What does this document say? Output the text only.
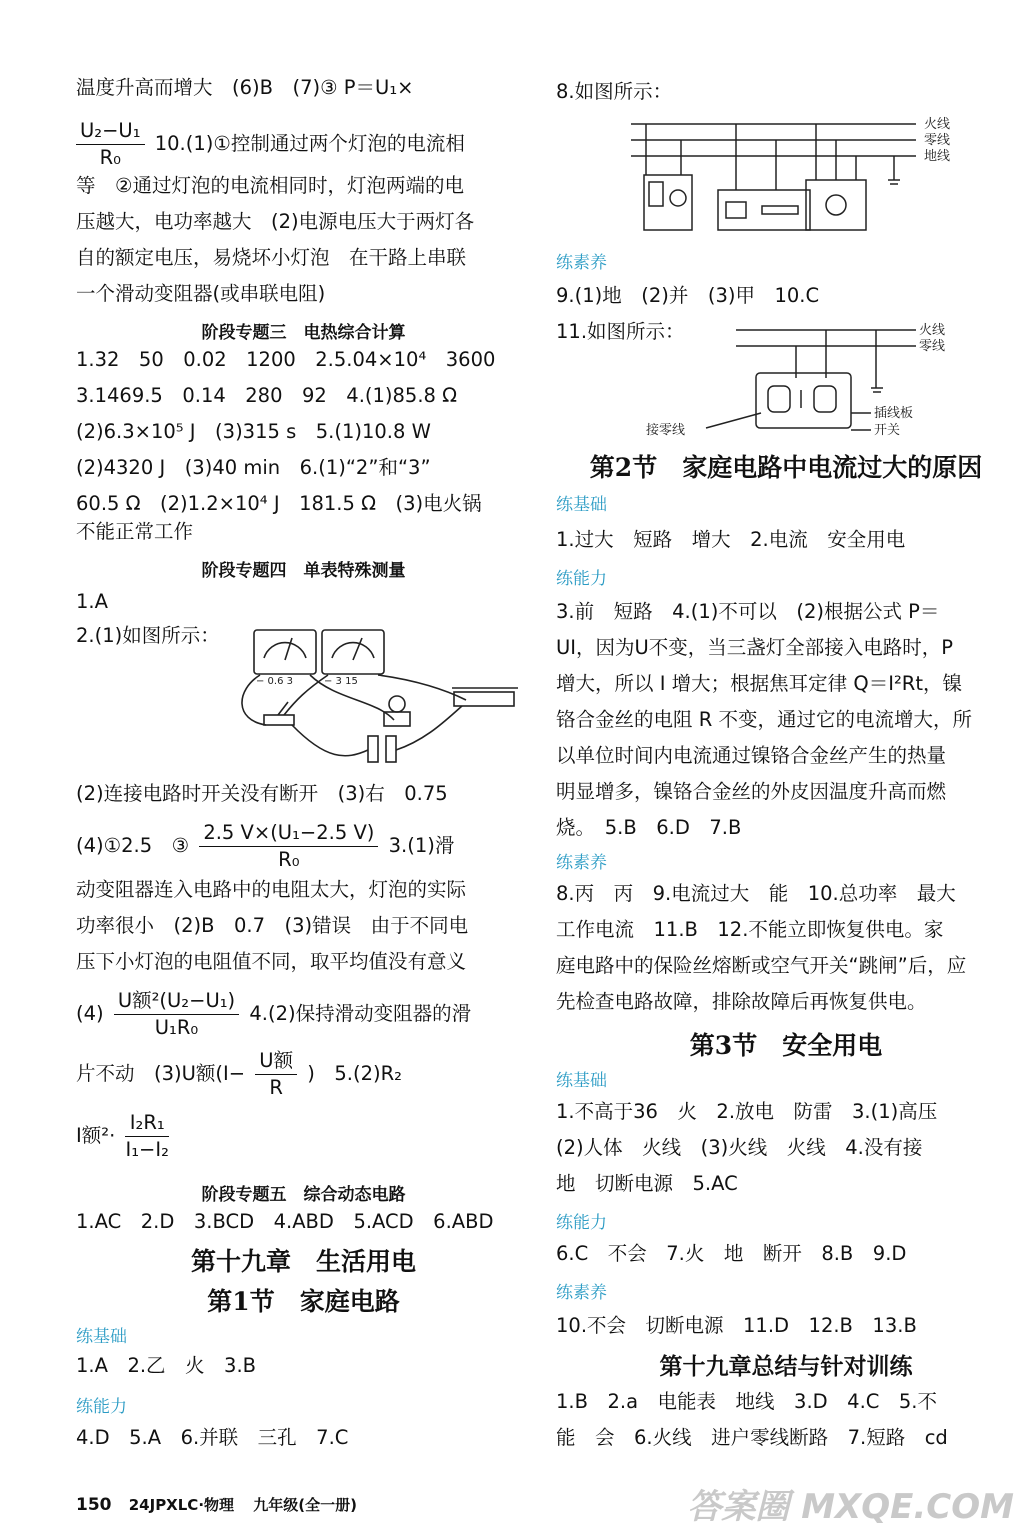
温度升高而增大　(6)B　(7)③ P＝U₁×
$\frac{\text{U₂−U₁}}{\text{R₀}}$ 10.(1)①控制通过两个灯泡的电流相
等　②通过灯泡的电流相同时，灯泡两端的电
压越大，电功率越大　(2)电源电压大于两灯各
自的额定电压，易烧坏小灯泡　在干路上串联
一个滑动变阻器(或串联电阻)
阶段专题三　电热综合计算
1.32　50　0.02　1200　2.5.04×10⁴　3600
3.1469.5　0.14　280　92　4.(1)85.8 Ω
(2)6.3×10⁵ J　(3)315 s　5.(1)10.8 W
(2)4320 J　(3)40 min　6.(1)“2”和“3”
60.5 Ω　(2)1.2×10⁴ J　181.5 Ω　(3)电火锅
不能正常工作
阶段专题四　单表特殊测量
1.A
2.(1)如图所示：
− 0.6 3	− 3 15
(2)连接电路时开关没有断开　(3)右　0.75
(4)①2.5　③ $\frac{\text{2.5 V×(U₁−2.5 V)}}{\text{R₀}} 3.(1)$滑
动变阻器连入电路中的电阻太大，灯泡的实际
功率很小　(2)B　0.7　(3)错误　由于不同电
压下小灯泡的电阻值不同，取平均值没有意义
$(4) \frac{\text{U额²(U₂−U₁)}}{\text{U₁R₀}} 4.(2)$保持滑动变阻器的滑
片不动　(3)U额($I- \frac{\text{U额}}{R}$ )　5.(2)R₂
I额$^2\cdot \frac{\text{I₂R₁}}{\text{I₁−I₂}}$
阶段专题五　综合动态电路
1.AC　2.D　3.BCD　4.ABD　5.ACD　6.ABD
第十九章　生活用电
第1节　家庭电路
练基础
1.A　2.乙　火　3.B
练能力
4.D　5.A　6.并联　三孔　7.C
8.如图所示：
火线
零线
地线
练素养
9.(1)地　(2)并　(3)甲　10.C
11.如图所示：	火线
零线
插线板
开关
接零线
第2节　家庭电路中电流过大的原因
练基础
1.过大　短路　增大　2.电流　安全用电
练能力
3.前　短路　4.(1)不可以　(2)根据公式 P＝
UI，因为U不变，当三盏灯全部接入电路时，P
增大，所以 I 增大；根据焦耳定律 Q＝I²Rt，镍
铬合金丝的电阻 R 不变，通过它的电流增大，所
以单位时间内电流通过镍铬合金丝产生的热量
明显增多，镍铬合金丝的外皮因温度升高而燃
烧。　5.B　6.D　7.B
练素养
8.丙　丙　9.电流过大　能　10.总功率　最大
工作电流　11.B　12.不能立即恢复供电。家
庭电路中的保险丝熔断或空气开关“跳闸”后，应
先检查电路故障，排除故障后再恢复供电。
第3节　安全用电
练基础
1.不高于36　火　2.放电　防雷　3.(1)高压
(2)人体　火线　(3)火线　火线　4.没有接
地　切断电源　5.AC
练能力
6.C　不会　7.火　地　断开　8.B　9.D
练素养
10.不会　切断电源　11.D　12.B　13.B
第十九章总结与针对训练
1.B　2.a　电能表　地线　3.D　4.C　5.不
能　会　6.火线　进户零线断路　7.短路　cd
150 24JPXLC·物理 九年级(全一册)	答案圈 MXQE.COM
